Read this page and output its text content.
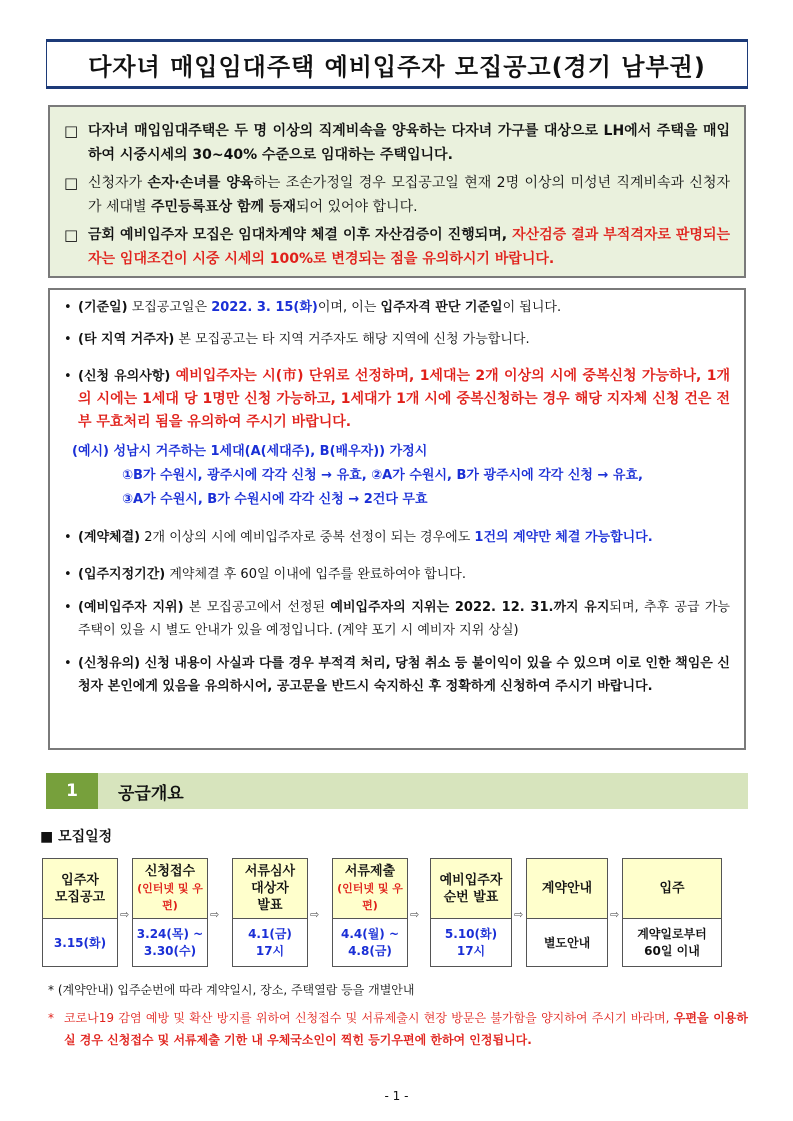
다자녀 매입임대주택 예비입주자 모집공고(경기 남부권)
□ 다자녀 매입임대주택은 두 명 이상의 직계비속을 양육하는 다자녀 가구를 대상으로 LH에서 주택을 매입하여 시중시세의 30~40% 수준으로 임대하는 주택입니다.
□ 신청자가 손자·손녀를 양육하는 조손가정일 경우 모집공고일 현재 2명 이상의 미성년 직계비속과 신청자가 세대별 주민등록표상 함께 등재되어 있어야 합니다.
□ 금회 예비입주자 모집은 임대차계약 체결 이후 자산검증이 진행되며, 자산검증 결과 부적격자로 판명되는 자는 임대조건이 시중 시세의 100%로 변경되는 점을 유의하시기 바랍니다.
• (기준일) 모집공고일은 2022. 3. 15(화)이며, 이는 입주자격 판단 기준일이 됩니다.
• (타 지역 거주자) 본 모집공고는 타 지역 거주자도 해당 지역에 신청 가능합니다.
• (신청 유의사항) 예비입주자는 시(市) 단위로 선정하며, 1세대는 2개 이상의 시에 중복신청 가능하나, 1개의 시에는 1세대 당 1명만 신청 가능하고, 1세대가 1개 시에 중복신청하는 경우 해당 지자체 신청 건은 전부 무효처리 됨을 유의하여 주시기 바랍니다.
(예시) 성남시 거주하는 1세대(A(세대주), B(배우자)) 가정시
①B가 수원시, 광주시에 각각 신청 → 유효, ②A가 수원시, B가 광주시에 각각 신청 → 유효,
③A가 수원시, B가 수원시에 각각 신청 → 2건다 무효
• (계약체결) 2개 이상의 시에 예비입주자로 중복 선정이 되는 경우에도 1건의 계약만 체결 가능합니다.
• (입주지정기간) 계약체결 후 60일 이내에 입주를 완료하여야 합니다.
• (예비입주자 지위) 본 모집공고에서 선정된 예비입주자의 지위는 2022. 12. 31.까지 유지되며, 추후 공급 가능 주택이 있을 시 별도 안내가 있을 예정입니다. (계약 포기 시 예비자 지위 상실)
• (신청유의) 신청 내용이 사실과 다를 경우 부적격 처리, 당첨 취소 등 불이익이 있을 수 있으며 이로 인한 책임은 신청자 본인에게 있음을 유의하시어, 공고문을 반드시 숙지하신 후 정확하게 신청하여 주시기 바랍니다.
1	공급개요
■ 모집일정
입주자
모집공고
3.15(화)
⇨
신청접수
(인터넷 및 우편)
3.24(목) ~
3.30(수)
⇨
서류심사
대상자
발표
4.1(금)
17시
⇨
서류제출
(인터넷 및 우편)
4.4(월) ~
4.8(금)
⇨
예비입주자
순번 발표
5.10(화)
17시
⇨
계약안내
별도안내
⇨
입주
계약일로부터
60일 이내
* (계약안내) 입주순번에 따라 계약일시, 장소, 주택열람 등을 개별안내
* 코로나19 감염 예방 및 확산 방지를 위하여 신청접수 및 서류제출시 현장 방문은 불가함을 양지하여 주시기 바라며, 우편을 이용하실 경우 신청접수 및 서류제출 기한 내 우체국소인이 찍힌 등기우편에 한하여 인정됩니다.
- 1 -
